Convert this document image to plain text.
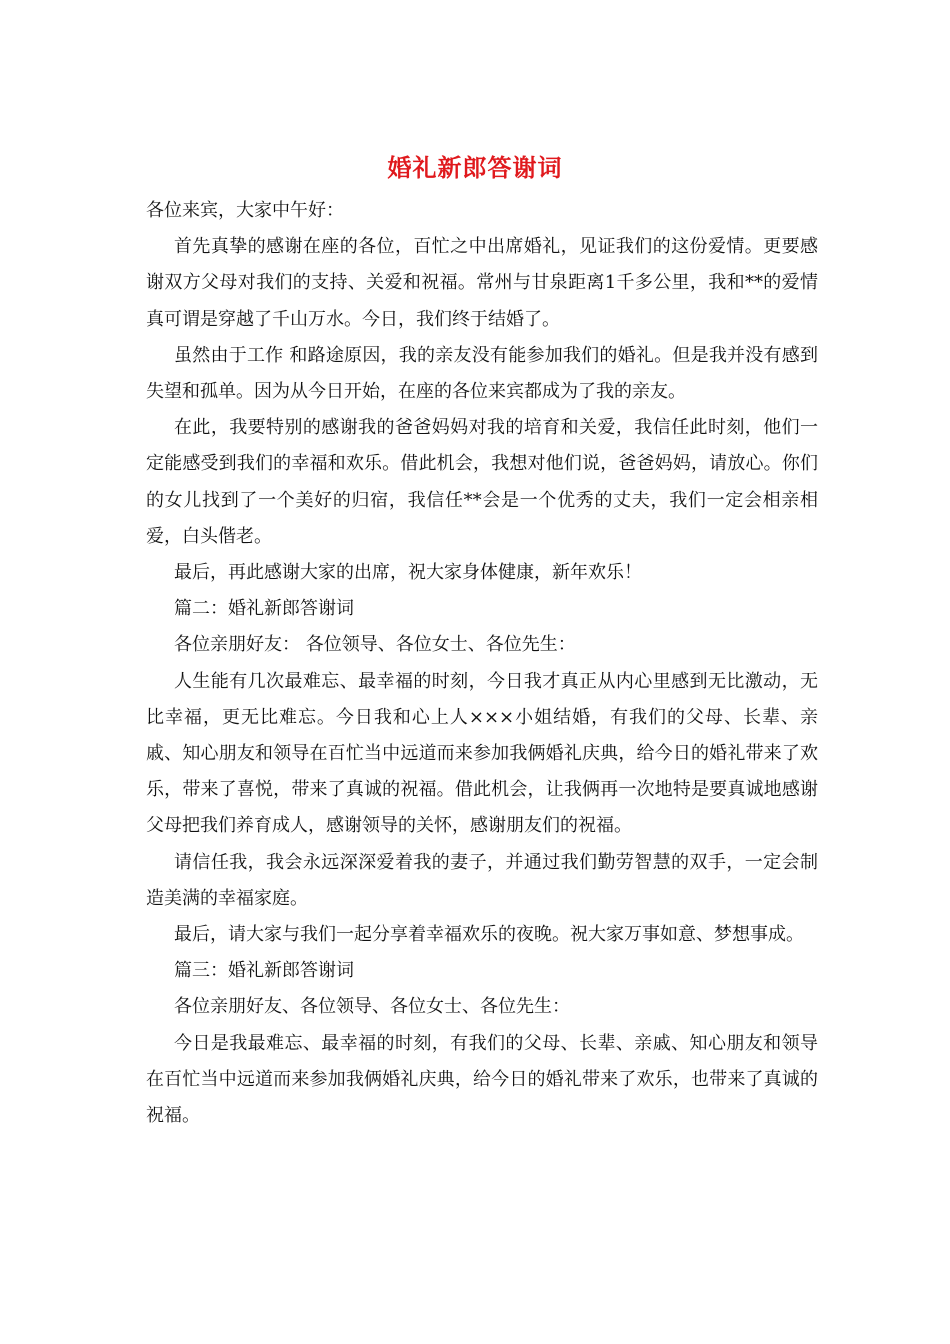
婚礼新郎答谢词

各位来宾，大家中午好：

首先真挚的感谢在座的各位，百忙之中出席婚礼，见证我们的这份爱情。更要感谢双方父母对我们的支持、关爱和祝福。常州与甘泉距离1千多公里，我和**的爱情真可谓是穿越了千山万水。今日，我们终于结婚了。

虽然由于工作 和路途原因，我的亲友没有能参加我们的婚礼。但是我并没有感到失望和孤单。因为从今日开始，在座的各位来宾都成为了我的亲友。

在此，我要特别的感谢我的爸爸妈妈对我的培育和关爱，我信任此时刻，他们一定能感受到我们的幸福和欢乐。借此机会，我想对他们说，爸爸妈妈，请放心。你们的女儿找到了一个美好的归宿，我信任**会是一个优秀的丈夫，我们一定会相亲相爱，白头偕老。

最后，再此感谢大家的出席，祝大家身体健康，新年欢乐！

篇二：婚礼新郎答谢词

各位亲朋好友： 各位领导、各位女士、各位先生：

人生能有几次最难忘、最幸福的时刻，今日我才真正从内心里感到无比激动，无比幸福，更无比难忘。今日我和心上人×××小姐结婚，有我们的父母、长辈、亲戚、知心朋友和领导在百忙当中远道而来参加我俩婚礼庆典，给今日的婚礼带来了欢乐，带来了喜悦，带来了真诚的祝福。借此机会，让我俩再一次地特是要真诚地感谢父母把我们养育成人，感谢领导的关怀，感谢朋友们的祝福。

请信任我，我会永远深深爱着我的妻子，并通过我们勤劳智慧的双手，一定会制造美满的幸福家庭。

最后，请大家与我们一起分享着幸福欢乐的夜晚。祝大家万事如意、梦想事成。

篇三：婚礼新郎答谢词

各位亲朋好友、各位领导、各位女士、各位先生：

今日是我最难忘、最幸福的时刻，有我们的父母、长辈、亲戚、知心朋友和领导在百忙当中远道而来参加我俩婚礼庆典，给今日的婚礼带来了欢乐，也带来了真诚的祝福。
